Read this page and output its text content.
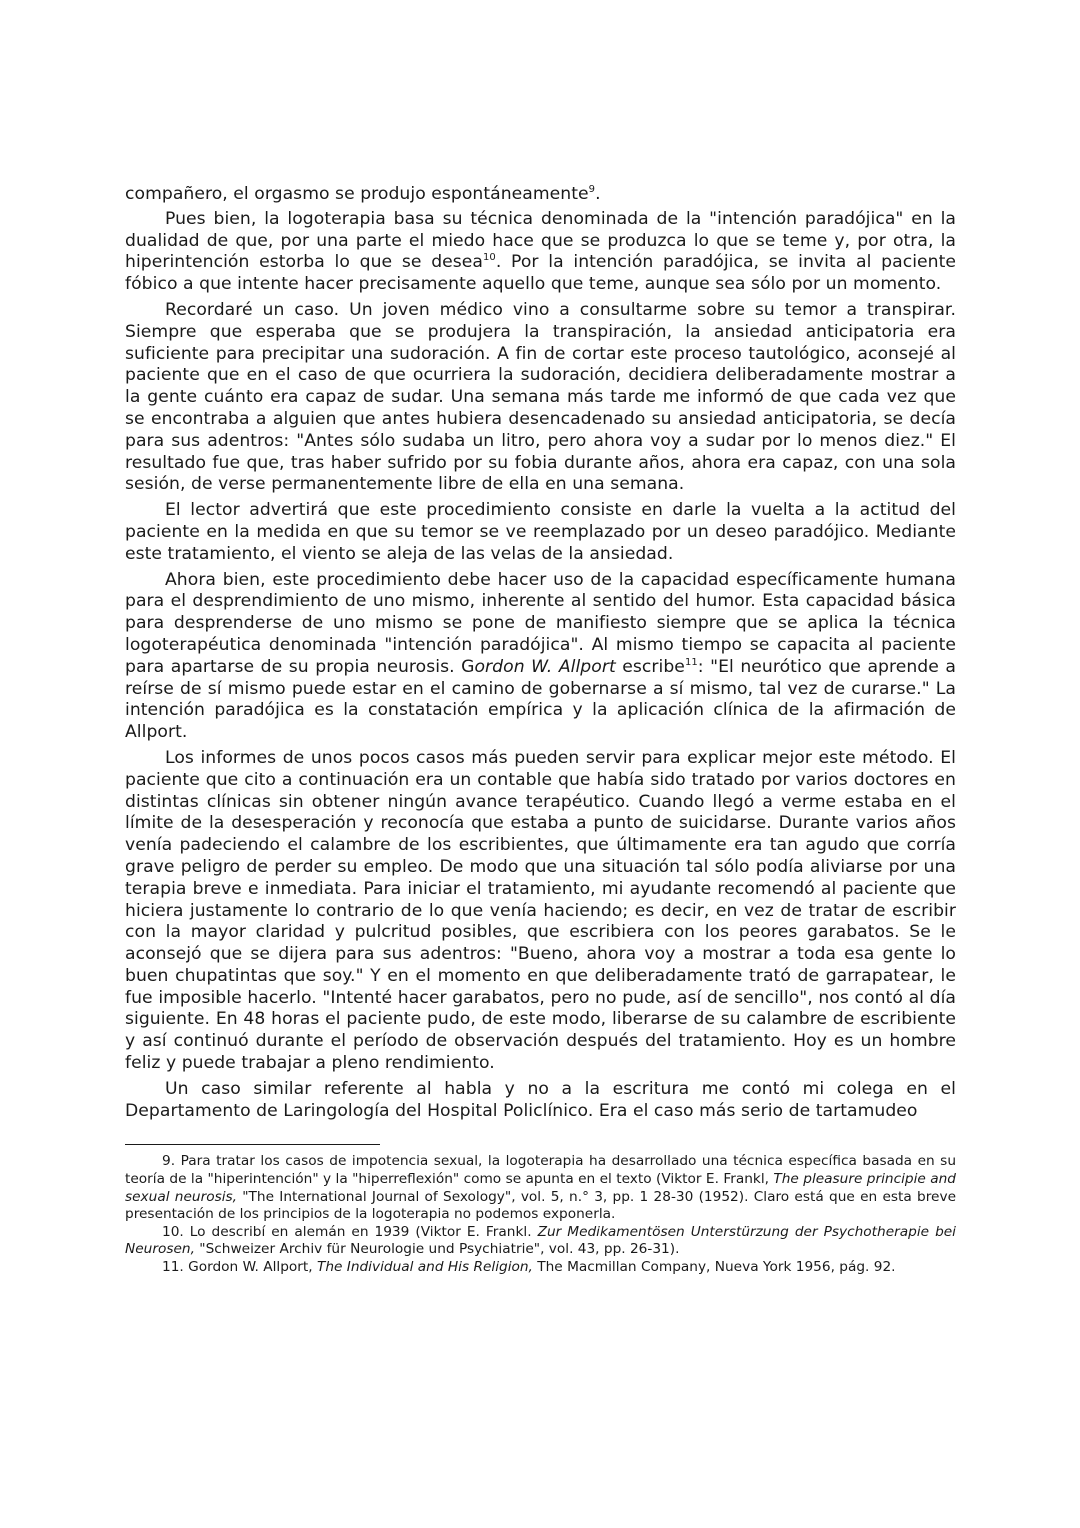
compañero, el orgasmo se produjo espontáneamente$^9$.

Pues bien, la logoterapia basa su técnica denominada de la "intención paradójica" en la dualidad de que, por una parte el miedo hace que se produzca lo que se teme y, por otra, la hiperintención estorba lo que se desea$^{10}$. Por la intención paradójica, se invita al paciente fóbico a que intente hacer precisamente aquello que teme, aunque sea sólo por un momento.

Recordaré un caso. Un joven médico vino a consultarme sobre su temor a transpirar. Siempre que esperaba que se produjera la transpiración, la ansiedad anticipatoria era suficiente para precipitar una sudoración. A fin de cortar este proceso tautológico, aconsejé al paciente que en el caso de que ocurriera la sudoración, decidiera deliberadamente mostrar a la gente cuánto era capaz de sudar. Una semana más tarde me informó de que cada vez que se encontraba a alguien que antes hubiera desencadenado su ansiedad anticipatoria, se decía para sus adentros: "Antes sólo sudaba un litro, pero ahora voy a sudar por lo menos diez." El resultado fue que, tras haber sufrido por su fobia durante años, ahora era capaz, con una sola sesión, de verse permanentemente libre de ella en una semana.

El lector advertirá que este procedimiento consiste en darle la vuelta a la actitud del paciente en la medida en que su temor se ve reemplazado por un deseo paradójico. Mediante este tratamiento, el viento se aleja de las velas de la ansiedad.

Ahora bien, este procedimiento debe hacer uso de la capacidad específicamente humana para el desprendimiento de uno mismo, inherente al sentido del humor. Esta capacidad básica para desprenderse de uno mismo se pone de manifiesto siempre que se aplica la técnica logoterapéutica denominada "intención paradójica". Al mismo tiempo se capacita al paciente para apartarse de su propia neurosis. Gordon W. Allport escribe$^{11}$: "El neurótico que aprende a reírse de sí mismo puede estar en el camino de gobernarse a sí mismo, tal vez de curarse." La intención paradójica es la constatación empírica y la aplicación clínica de la afirmación de Allport.

Los informes de unos pocos casos más pueden servir para explicar mejor este método. El paciente que cito a continuación era un contable que había sido tratado por varios doctores en distintas clínicas sin obtener ningún avance terapéutico. Cuando llegó a verme estaba en el límite de la desesperación y reconocía que estaba a punto de suicidarse. Durante varios años venía padeciendo el calambre de los escribientes, que últimamente era tan agudo que corría grave peligro de perder su empleo. De modo que una situación tal sólo podía aliviarse por una terapia breve e inmediata. Para iniciar el tratamiento, mi ayudante recomendó al paciente que hiciera justamente lo contrario de lo que venía haciendo; es decir, en vez de tratar de escribir con la mayor claridad y pulcritud posibles, que escribiera con los peores garabatos. Se le aconsejó que se dijera para sus adentros: "Bueno, ahora voy a mostrar a toda esa gente lo buen chupatintas que soy." Y en el momento en que deliberadamente trató de garrapatear, le fue imposible hacerlo. "Intenté hacer garabatos, pero no pude, así de sencillo", nos contó al día siguiente. En 48 horas el paciente pudo, de este modo, liberarse de su calambre de escribiente y así continuó durante el período de observación después del tratamiento. Hoy es un hombre feliz y puede trabajar a pleno rendimiento.

Un caso similar referente al habla y no a la escritura me contó mi colega en el Departamento de Laringología del Hospital Policlínico. Era el caso más serio de tartamudeo

9. Para tratar los casos de impotencia sexual, la logoterapia ha desarrollado una técnica específica basada en su teoría de la "hiperintención" y la "hiperreflexión" como se apunta en el texto (Viktor E. Frankl, The pleasure principie and sexual neurosis, "The International Journal of Sexology", vol. 5, n.° 3, pp. 1 28-30 (1952). Claro está que en esta breve presentación de los principios de la logoterapia no podemos exponerla.

10. Lo describí en alemán en 1939 (Viktor E. Frankl. Zur Medikamentösen Unterstürzung der Psychotherapie bei Neurosen, "Schweizer Archiv für Neurologie und Psychiatrie", vol. 43, pp. 26-31).

11. Gordon W. Allport, The Individual and His Religion, The Macmillan Company, Nueva York 1956, pág. 92.
